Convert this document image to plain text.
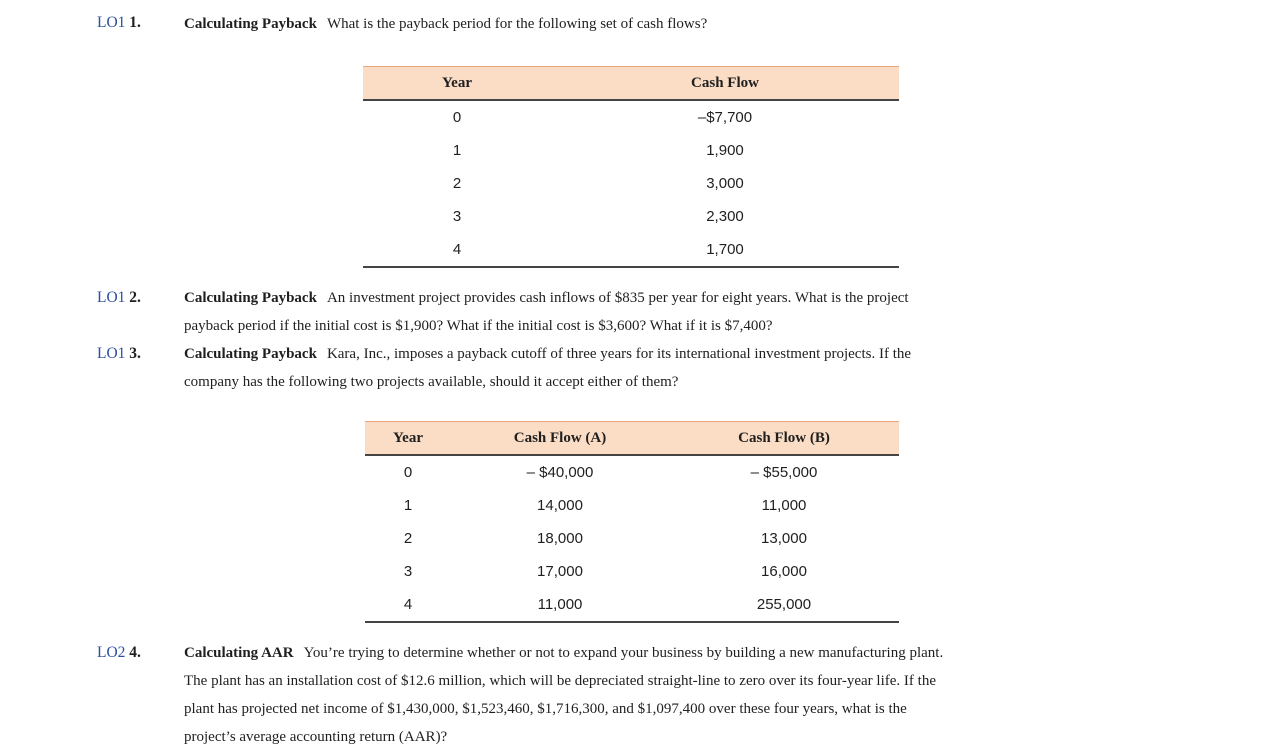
LO1 1.	Calculating Payback What is the payback period for the following set of cash flows?
Year	Cash Flow
0	–$7,700
1	1,900
2	3,000
3	2,300
4	1,700
LO1 2.	Calculating Payback An investment project provides cash inflows of $835 per year for eight years. What is the project
payback period if the initial cost is $1,900? What if the initial cost is $3,600? What if it is $7,400?
LO1 3.	Calculating Payback Kara, Inc., imposes a payback cutoff of three years for its international investment projects. If the
company has the following two projects available, should it accept either of them?
Year	Cash Flow (A)	Cash Flow (B)
0	– $40,000	– $55,000
1	14,000	11,000
2	18,000	13,000
3	17,000	16,000
4	11,000	255,000
LO2 4.	Calculating AAR You’re trying to determine whether or not to expand your business by building a new manufacturing plant.
The plant has an installation cost of $12.6 million, which will be depreciated straight-line to zero over its four-year life. If the
plant has projected net income of $1,430,000, $1,523,460, $1,716,300, and $1,097,400 over these four years, what is the
project’s average accounting return (AAR)?
